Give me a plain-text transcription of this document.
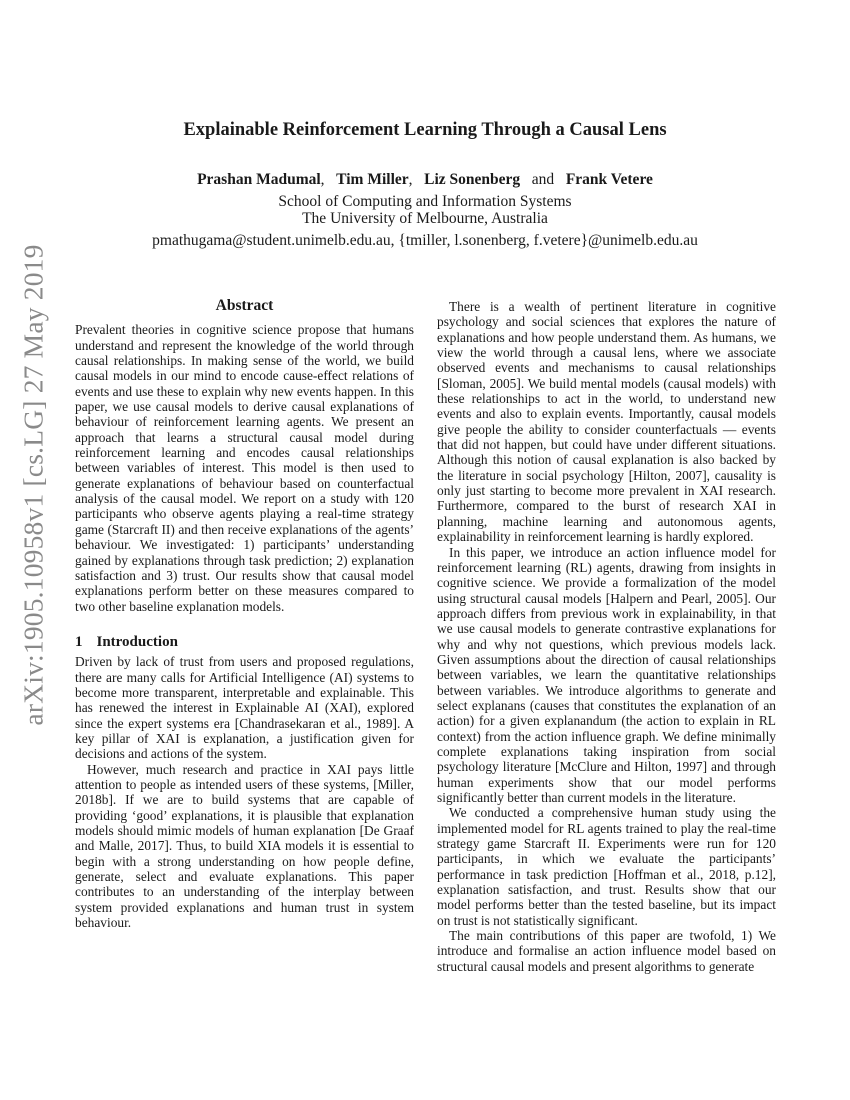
arXiv:1905.10958v1 [cs.LG] 27 May 2019
Explainable Reinforcement Learning Through a Causal Lens
Prashan Madumal, Tim Miller, Liz Sonenberg and Frank Vetere
School of Computing and Information Systems
The University of Melbourne, Australia
pmathugama@student.unimelb.edu.au, {tmiller, l.sonenberg, f.vetere}@unimelb.edu.au
Abstract

Prevalent theories in cognitive science propose that humans understand and represent the knowledge of the world through causal relationships. In making sense of the world, we build causal models in our mind to encode cause-effect relations of events and use these to explain why new events happen. In this paper, we use causal models to derive causal explanations of behaviour of reinforcement learning agents. We present an approach that learns a structural causal model during reinforcement learning and encodes causal relationships between variables of interest. This model is then used to generate explanations of behaviour based on counterfactual analysis of the causal model. We report on a study with 120 participants who observe agents playing a real-time strategy game (Starcraft II) and then receive explanations of the agents’ behaviour. We investigated: 1) participants’ understanding gained by explanations through task prediction; 2) explanation satisfaction and 3) trust. Our results show that causal model explanations perform better on these measures compared to two other baseline explanation models.

1 Introduction

Driven by lack of trust from users and proposed regulations, there are many calls for Artificial Intelligence (AI) systems to become more transparent, interpretable and explainable. This has renewed the interest in Explainable AI (XAI), explored since the expert systems era [Chandrasekaran et al., 1989]. A key pillar of XAI is explanation, a justification given for decisions and actions of the system.

However, much research and practice in XAI pays little attention to people as intended users of these systems, [Miller, 2018b]. If we are to build systems that are capable of providing ‘good’ explanations, it is plausible that explanation models should mimic models of human explanation [De Graaf and Malle, 2017]. Thus, to build XIA models it is essential to begin with a strong understanding on how people define, generate, select and evaluate explanations. This paper contributes to an understanding of the interplay between system provided explanations and human trust in system behaviour.

There is a wealth of pertinent literature in cognitive psychology and social sciences that explores the nature of explanations and how people understand them. As humans, we view the world through a causal lens, where we associate observed events and mechanisms to causal relationships [Sloman, 2005]. We build mental models (causal models) with these relationships to act in the world, to understand new events and also to explain events. Importantly, causal models give people the ability to consider counterfactuals — events that did not happen, but could have under different situations. Although this notion of causal explanation is also backed by the literature in social psychology [Hilton, 2007], causality is only just starting to become more prevalent in XAI research. Furthermore, compared to the burst of research XAI in planning, machine learning and autonomous agents, explainability in reinforcement learning is hardly explored.

In this paper, we introduce an action influence model for reinforcement learning (RL) agents, drawing from insights in cognitive science. We provide a formalization of the model using structural causal models [Halpern and Pearl, 2005]. Our approach differs from previous work in explainability, in that we use causal models to generate contrastive explanations for why and why not questions, which previous models lack. Given assumptions about the direction of causal relationships between variables, we learn the quantitative relationships between variables. We introduce algorithms to generate and select explanans (causes that constitutes the explanation of an action) for a given explanandum (the action to explain in RL context) from the action influence graph. We define minimally complete explanations taking inspiration from social psychology literature [McClure and Hilton, 1997] and through human experiments show that our model performs significantly better than current models in the literature.

We conducted a comprehensive human study using the implemented model for RL agents trained to play the real-time strategy game Starcraft II. Experiments were run for 120 participants, in which we evaluate the participants’ performance in task prediction [Hoffman et al., 2018, p.12], explanation satisfaction, and trust. Results show that our model performs better than the tested baseline, but its impact on trust is not statistically significant.

The main contributions of this paper are twofold, 1) We introduce and formalise an action influence model based on structural causal models and present algorithms to generate
